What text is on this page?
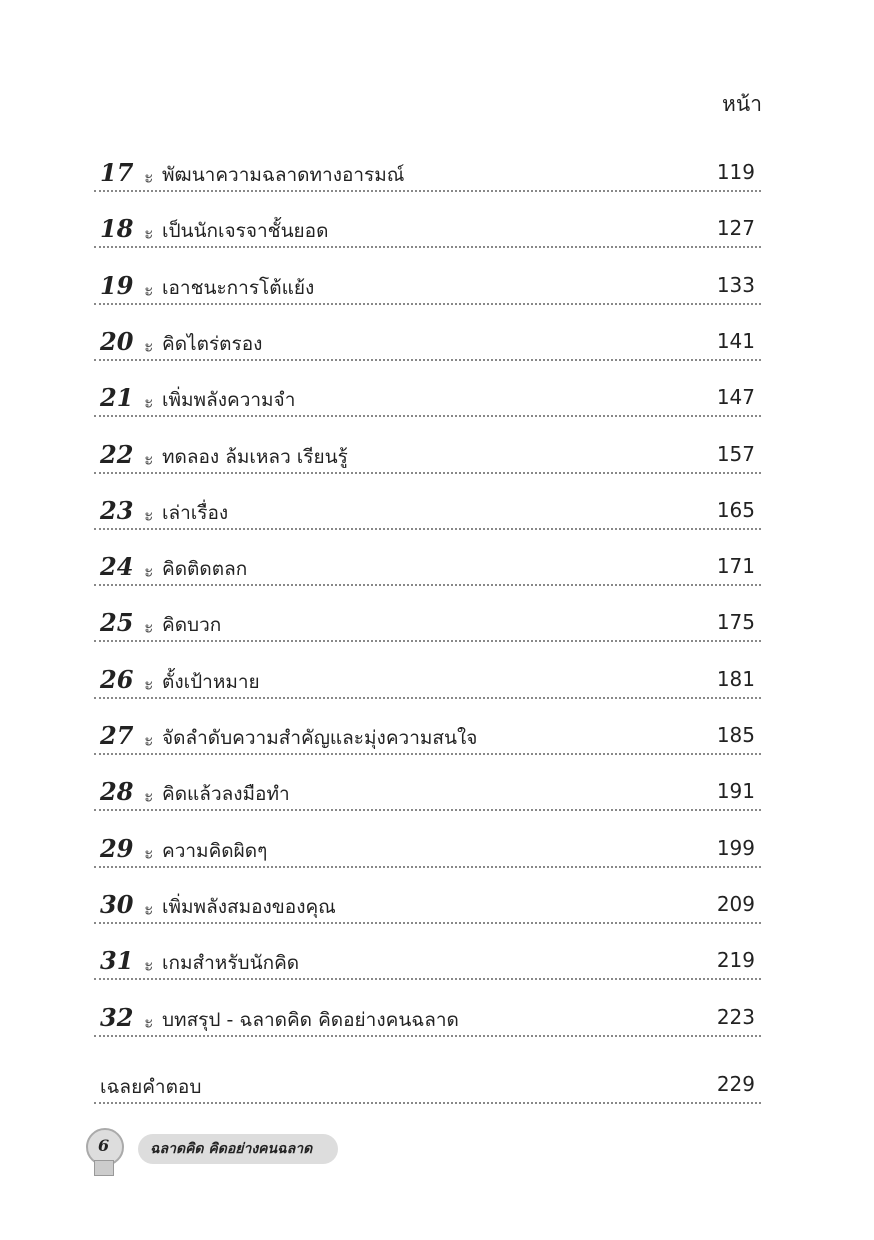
หน้า
17 ะ พัฒนาความฉลาดทางอารมณ์	119
18 ะ เป็นนักเจรจาชั้นยอด	127
19 ะ เอาชนะการโต้แย้ง	133
20 ะ คิดไตร่ตรอง	141
21 ะ เพิ่มพลังความจำ	147
22 ะ ทดลอง ล้มเหลว เรียนรู้	157
23 ะ เล่าเรื่อง	165
24 ะ คิดติดตลก	171
25 ะ คิดบวก	175
26 ะ ตั้งเป้าหมาย	181
27 ะ จัดลำดับความสำคัญและมุ่งความสนใจ	185
28 ะ คิดแล้วลงมือทำ	191
29 ะ ความคิดผิดๆ	199
30 ะ เพิ่มพลังสมองของคุณ	209
31 ะ เกมสำหรับนักคิด	219
32 ะ บทสรุป - ฉลาดคิด คิดอย่างคนฉลาด	223
เฉลยคำตอบ	229
6	ฉลาดคิด คิดอย่างคนฉลาด
